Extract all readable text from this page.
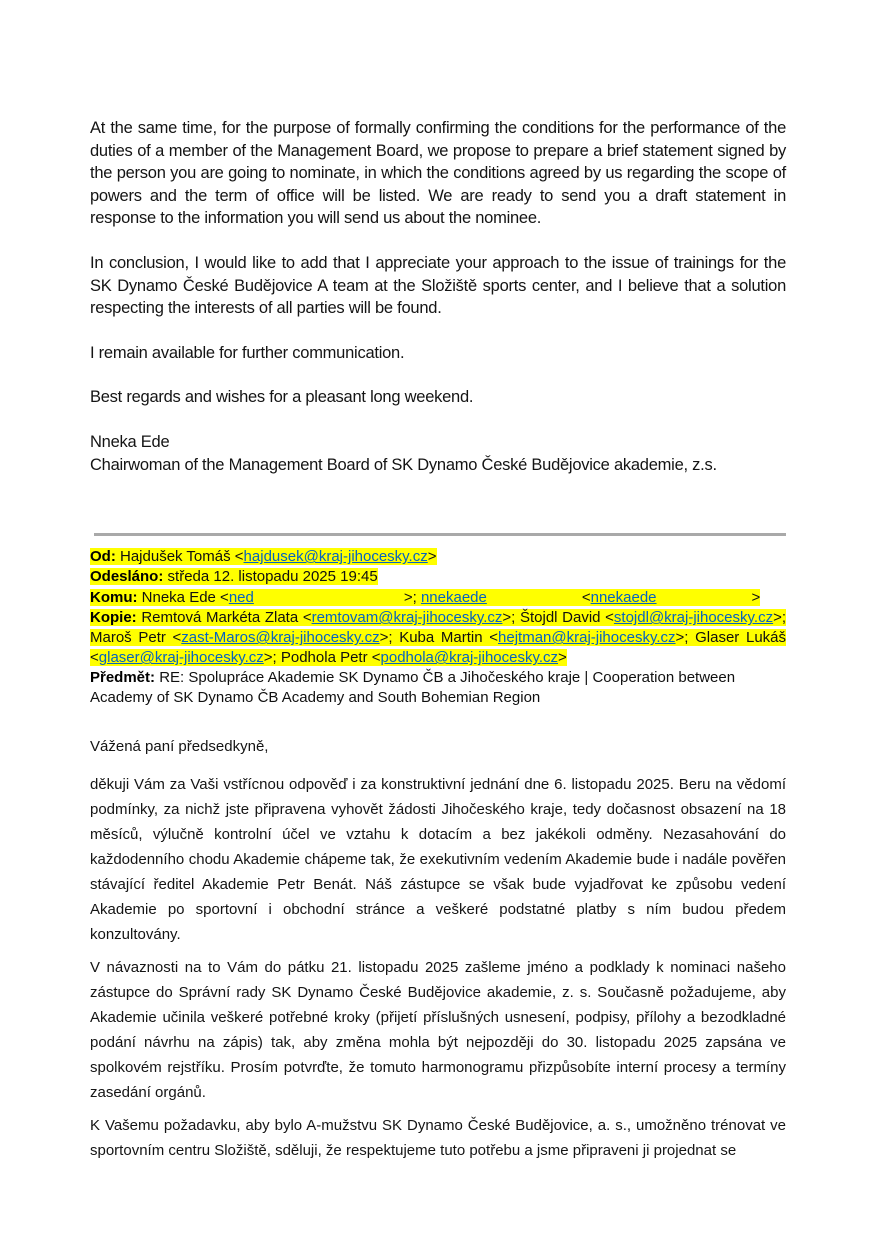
At the same time, for the purpose of formally confirming the conditions for the performance of the duties of a member of the Management Board, we propose to prepare a brief statement signed by the person you are going to nominate, in which the conditions agreed by us regarding the scope of powers and the term of office will be listed. We are ready to send you a draft statement in response to the information you will send us about the nominee.

In conclusion, I would like to add that I appreciate your approach to the issue of trainings for the SK Dynamo České Budějovice A team at the Složiště sports center, and I believe that a solution respecting the interests of all parties will be found.

I remain available for further communication.

Best regards and wishes for a pleasant long weekend.

Nneka Ede
Chairwoman of the Management Board of SK Dynamo České Budějovice akademie, z.s.

Od: Hajdušek Tomáš <hajdusek@kraj-jihocesky.cz>

Odesláno: středa 12. listopadu 2025 19:45

Komu: Nneka Ede <ned	>; nnekaede	<nnekaede	>

Kopie: Remtová Markéta Zlata <remtovam@kraj-jihocesky.cz>; Štojdl David <stojdl@kraj-jihocesky.cz>; Maroš Petr <zast-Maros@kraj-jihocesky.cz>; Kuba Martin <hejtman@kraj-jihocesky.cz>; Glaser Lukáš <glaser@kraj-jihocesky.cz>; Podhola Petr <podhola@kraj-jihocesky.cz>

Předmět: RE: Spolupráce Akademie SK Dynamo ČB a Jihočeského kraje | Cooperation between Academy of SK Dynamo ČB Academy and South Bohemian Region

Vážená paní předsedkyně,

děkuji Vám za Vaši vstřícnou odpověď i za konstruktivní jednání dne 6. listopadu 2025. Beru na vědomí podmínky, za nichž jste připravena vyhovět žádosti Jihočeského kraje, tedy dočasnost obsazení na 18 měsíců, výlučně kontrolní účel ve vztahu k dotacím a bez jakékoli odměny. Nezasahování do každodenního chodu Akademie chápeme tak, že exekutivním vedením Akademie bude i nadále pověřen stávající ředitel Akademie Petr Benát. Náš zástupce se však bude vyjadřovat ke způsobu vedení Akademie po sportovní i obchodní stránce a veškeré podstatné platby s ním budou předem konzultovány.

V návaznosti na to Vám do pátku 21. listopadu 2025 zašleme jméno a podklady k nominaci našeho zástupce do Správní rady SK Dynamo České Budějovice akademie, z. s. Současně požadujeme, aby Akademie učinila veškeré potřebné kroky (přijetí příslušných usnesení, podpisy, přílohy a bezodkladné podání návrhu na zápis) tak, aby změna mohla být nejpozději do 30. listopadu 2025 zapsána ve spolkovém rejstříku. Prosím potvrďte, že tomuto harmonogramu přizpůsobíte interní procesy a termíny zasedání orgánů.

K Vašemu požadavku, aby bylo A-mužstvu SK Dynamo České Budějovice, a. s., umožněno trénovat ve sportovním centru Složiště, sděluji, že respektujeme tuto potřebu a jsme připraveni ji projednat se
